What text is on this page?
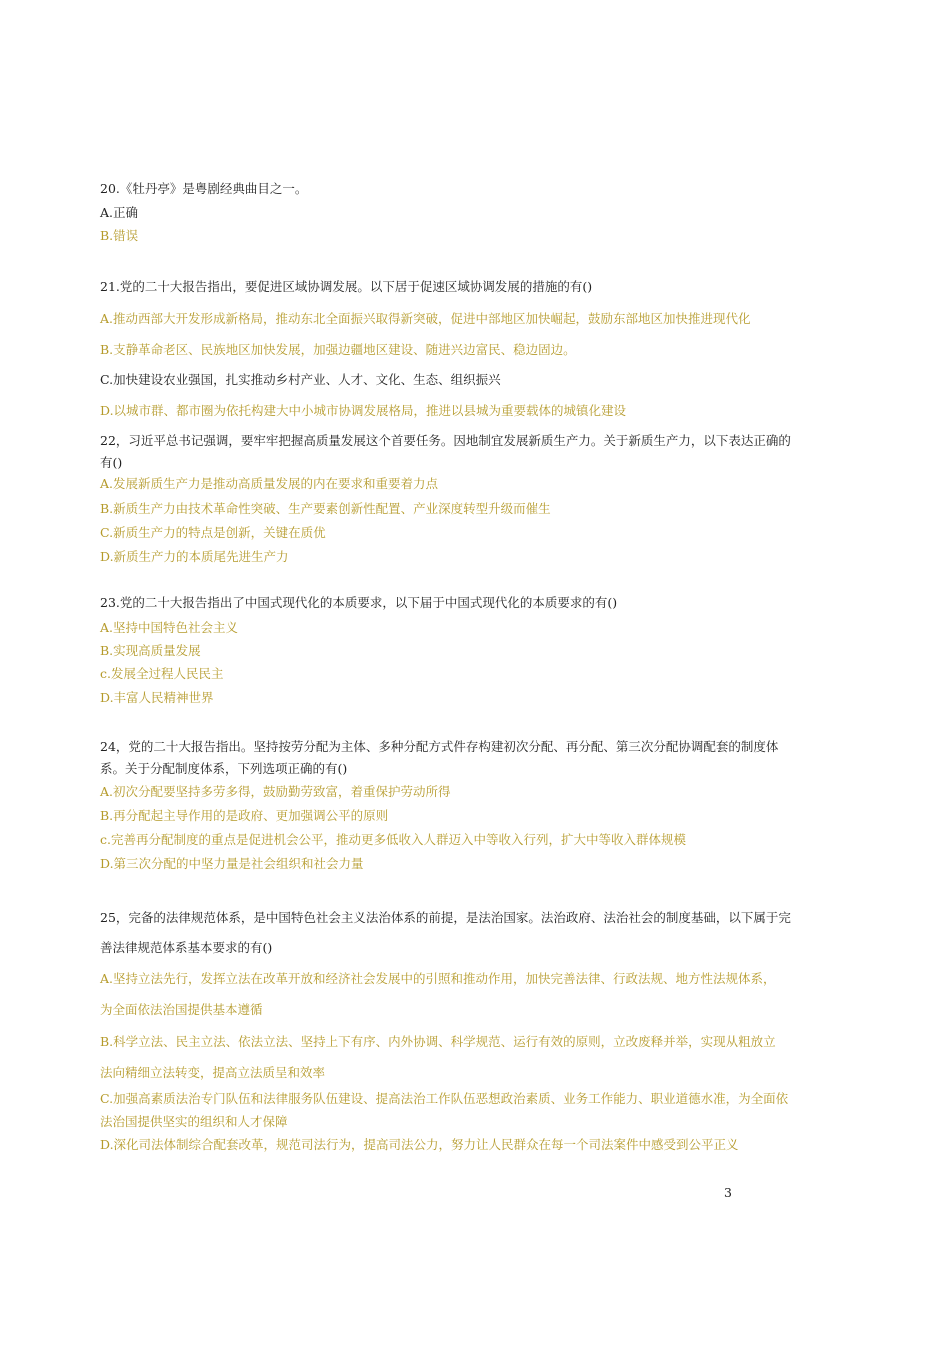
20.《牡丹亭》是粤剧经典曲目之一。
A.正确
B.错误
21.党的二十大报告指出，要促进区域协调发展。以下居于促速区域协调发展的措施的有()
A.推动西部大开发形成新格局，推动东北全面振兴取得新突破，促进中部地区加快崛起，鼓励东部地区加快推进现代化
B.支静革命老区、民族地区加快发展，加强边疆地区建设、随进兴边富民、稳边固边。
C.加快建设农业强国，扎实推动乡村产业、人才、文化、生态、组织振兴
D.以城市群、都市圈为依托构建大中小城市协调发展格局，推进以县城为重要载体的城镇化建设
22，习近平总书记强调，要牢牢把握高质量发展这个首要任务。因地制宜发展新质生产力。关于新质生产力，以下表达正确的
有()
A.发展新质生产力是推动高质量发展的内在要求和重要着力点
B.新质生产力由技术革命性突破、生产要素创新性配置、产业深度转型升级而催生
C.新质生产力的特点是创新，关键在质优
D.新质生产力的本质尾先进生产力
23.党的二十大报告指出了中国式现代化的本质要求，以下届于中国式现代化的本质要求的有()
A.坚持中国特色社会主义
B.实现高质量发展
c.发展全过程人民民主
D.丰富人民精神世界
24，党的二十大报告指出。坚持按劳分配为主体、多种分配方式件存构建初次分配、再分配、第三次分配协调配套的制度体
系。关于分配制度体系，下列选项正确的有()
A.初次分配要坚持多劳多得，鼓励勤劳致富，着重保护劳动所得
B.再分配起主导作用的是政府、更加强调公平的原则
c.完善再分配制度的重点是促进机会公平，推动更多低收入人群迈入中等收入行列，扩大中等收入群体规模
D.第三次分配的中坚力量是社会组织和社会力量
25，完备的法律规范体系，是中国特色社会主义法治体系的前提，是法治国家。法治政府、法治社会的制度基础，以下属于完
善法律规范体系基本要求的有()
A.坚持立法先行，发挥立法在改革开放和经济社会发展中的引照和推动作用，加快完善法律、行政法规、地方性法规体系，
为全面依法治国提供基本遵循
B.科学立法、民主立法、依法立法、坚持上下有序、内外协调、科学规范、运行有效的原则，立改废释并举，实现从粗放立
法向精细立法转变，提高立法质呈和效率
C.加强高素质法治专门队伍和法律服务队伍建设、提高法治工作队伍恶想政治素质、业务工作能力、职业道德水准，为全面依
法治国提供坚实的组织和人才保障
D.深化司法体制综合配套改革，规范司法行为，提高司法公力，努力让人民群众在每一个司法案件中感受到公平正义
3
